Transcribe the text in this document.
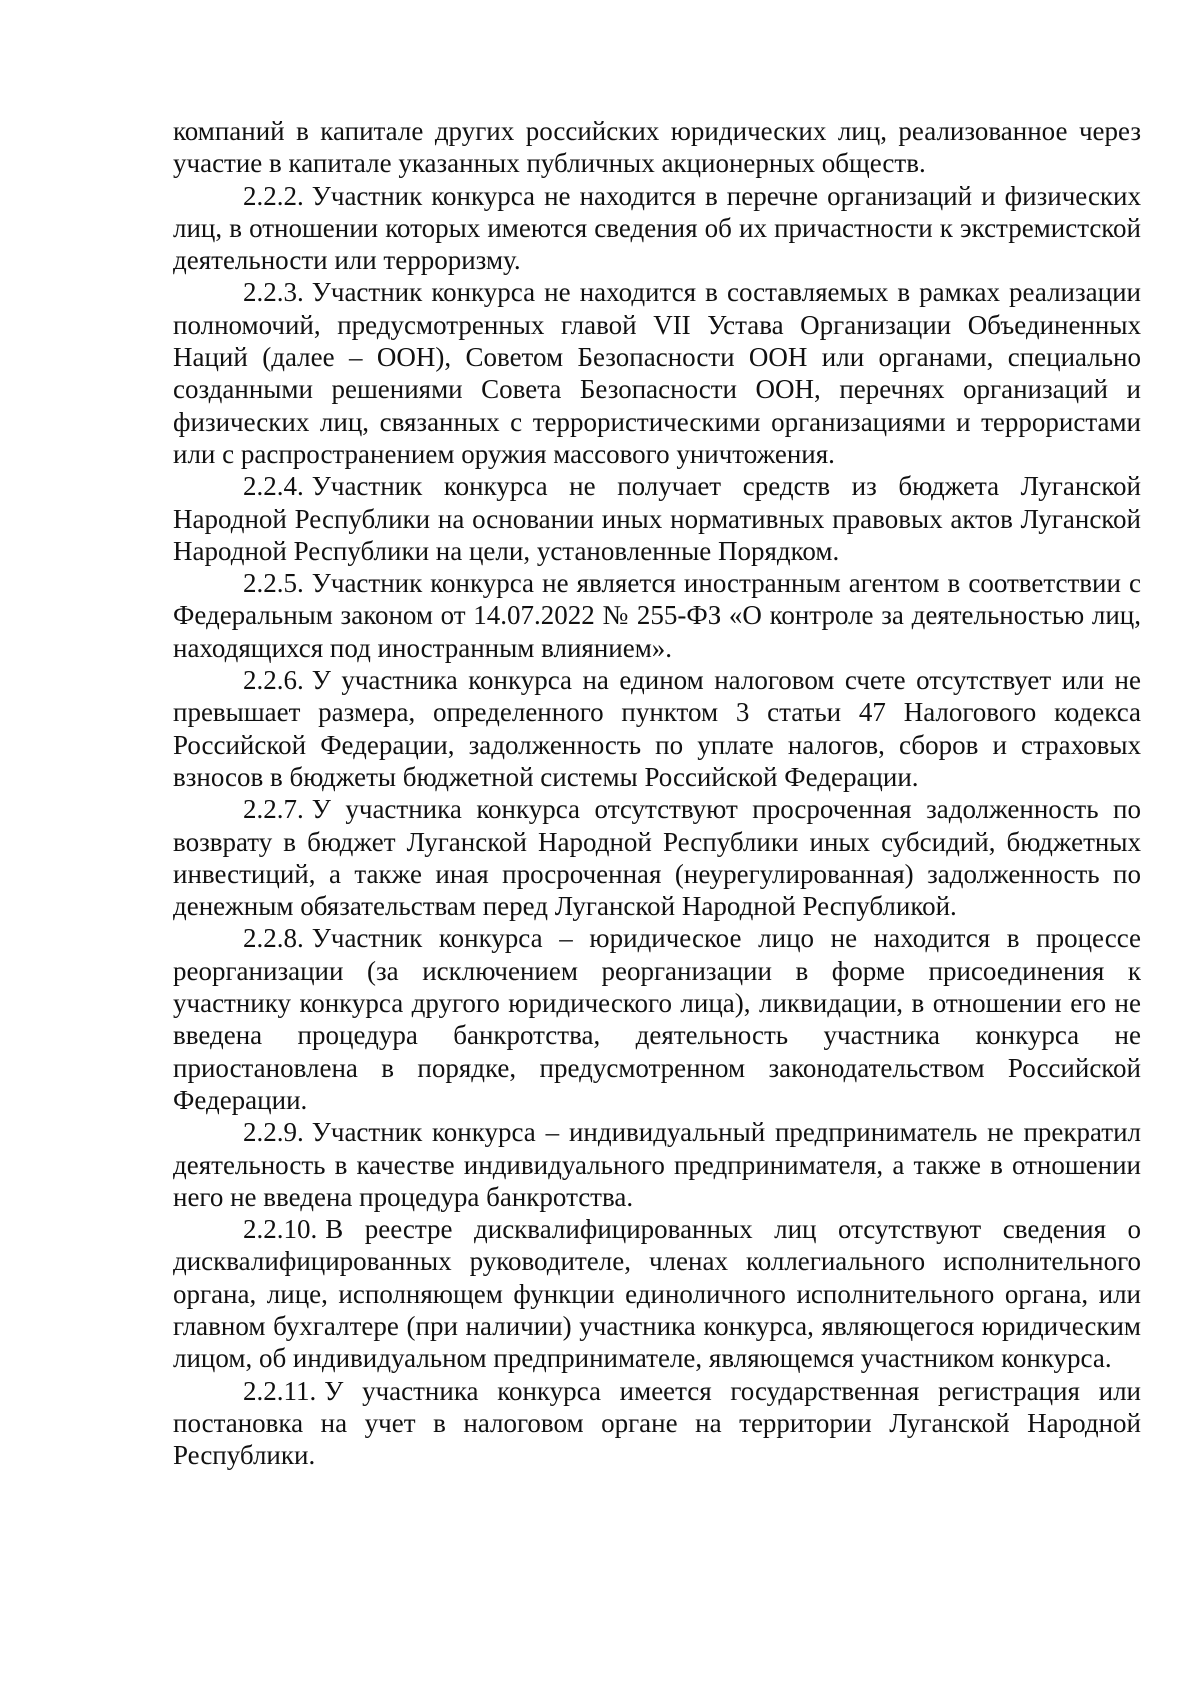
компаний в капитале других российских юридических лиц, реализованное через участие в капитале указанных публичных акционерных обществ.

2.2.2. Участник конкурса не находится в перечне организаций и физических лиц, в отношении которых имеются сведения об их причастности к экстремистской деятельности или терроризму.

2.2.3. Участник конкурса не находится в составляемых в рамках реализации полномочий, предусмотренных главой VII Устава Организации Объединенных Наций (далее – ООН), Советом Безопасности ООН или органами, специально созданными решениями Совета Безопасности ООН, перечнях организаций и физических лиц, связанных с террористическими организациями и террористами или с распространением оружия массового уничтожения.

2.2.4. Участник конкурса не получает средств из бюджета Луганской Народной Республики на основании иных нормативных правовых актов Луганской Народной Республики на цели, установленные Порядком.

2.2.5. Участник конкурса не является иностранным агентом в соответствии с Федеральным законом от 14.07.2022 № 255-ФЗ «О контроле за деятельностью лиц, находящихся под иностранным влиянием».

2.2.6. У участника конкурса на едином налоговом счете отсутствует или не превышает размера, определенного пунктом 3 статьи 47 Налогового кодекса Российской Федерации, задолженность по уплате налогов, сборов и страховых взносов в бюджеты бюджетной системы Российской Федерации.

2.2.7. У участника конкурса отсутствуют просроченная задолженность по возврату в бюджет Луганской Народной Республики иных субсидий, бюджетных инвестиций, а также иная просроченная (неурегулированная) задолженность по денежным обязательствам перед Луганской Народной Республикой.

2.2.8. Участник конкурса – юридическое лицо не находится в процессе реорганизации (за исключением реорганизации в форме присоединения к участнику конкурса другого юридического лица), ликвидации, в отношении его не введена процедура банкротства, деятельность участника конкурса не приостановлена в порядке, предусмотренном законодательством Российской Федерации.

2.2.9. Участник конкурса – индивидуальный предприниматель не прекратил деятельность в качестве индивидуального предпринимателя, а также в отношении него не введена процедура банкротства.

2.2.10. В реестре дисквалифицированных лиц отсутствуют сведения о дисквалифицированных руководителе, членах коллегиального исполнительного органа, лице, исполняющем функции единоличного исполнительного органа, или главном бухгалтере (при наличии) участника конкурса, являющегося юридическим лицом, об индивидуальном предпринимателе, являющемся участником конкурса.

2.2.11. У участника конкурса имеется государственная регистрация или постановка на учет в налоговом органе на территории Луганской Народной Республики.
